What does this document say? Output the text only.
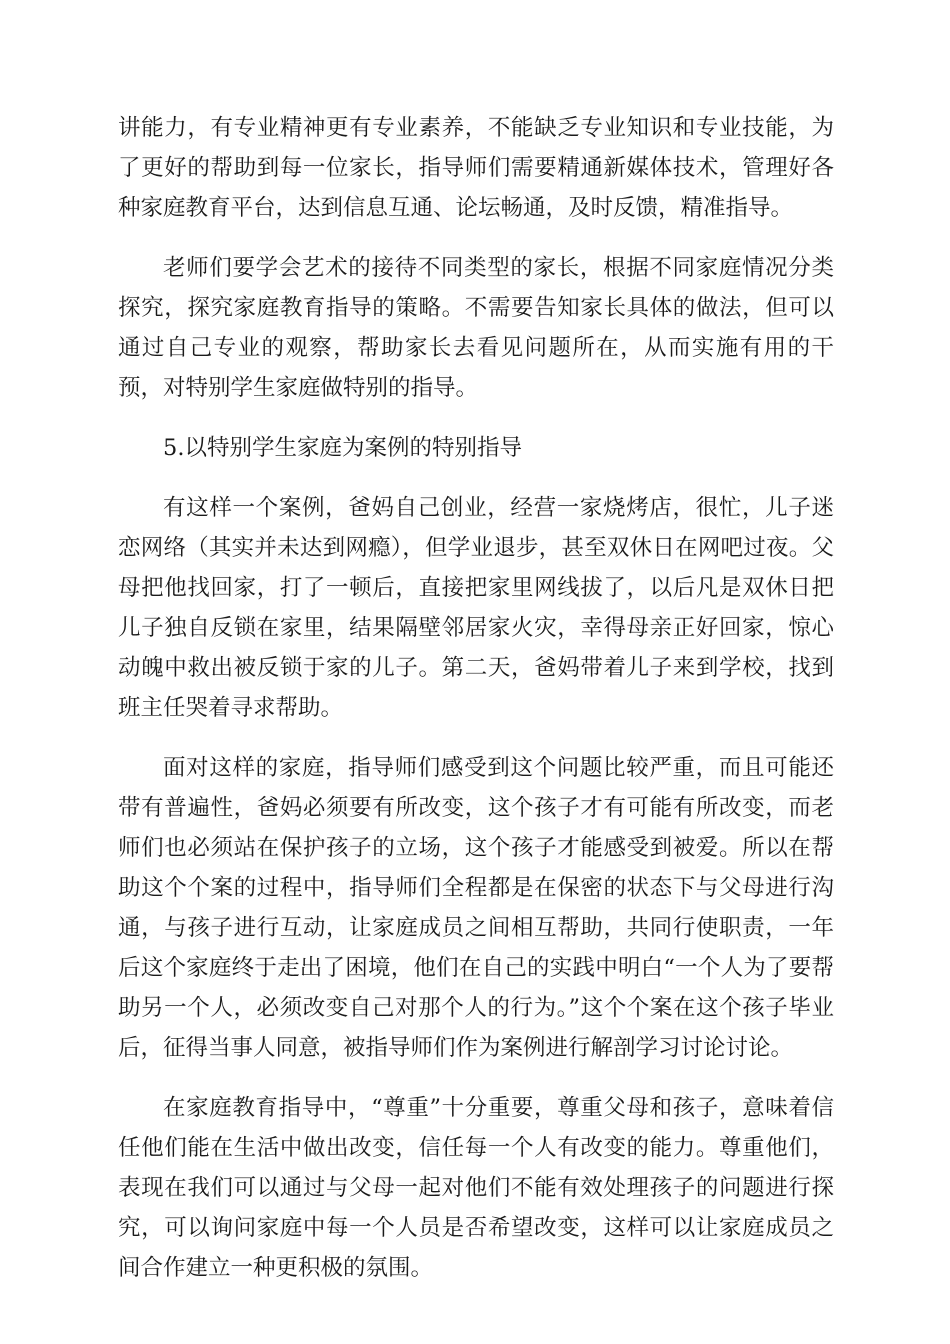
讲能力，有专业精神更有专业素养，不能缺乏专业知识和专业技能，为了更好的帮助到每一位家长，指导师们需要精通新媒体技术，管理好各种家庭教育平台，达到信息互通、论坛畅通，及时反馈，精准指导。

老师们要学会艺术的接待不同类型的家长，根据不同家庭情况分类探究，探究家庭教育指导的策略。不需要告知家长具体的做法，但可以通过自己专业的观察，帮助家长去看见问题所在，从而实施有用的干预，对特别学生家庭做特别的指导。

5.以特别学生家庭为案例的特别指导

有这样一个案例，爸妈自己创业，经营一家烧烤店，很忙，儿子迷恋网络（其实并未达到网瘾），但学业退步，甚至双休日在网吧过夜。父母把他找回家，打了一顿后，直接把家里网线拔了，以后凡是双休日把儿子独自反锁在家里，结果隔壁邻居家火灾，幸得母亲正好回家，惊心动魄中救出被反锁于家的儿子。第二天，爸妈带着儿子来到学校，找到班主任哭着寻求帮助。

面对这样的家庭，指导师们感受到这个问题比较严重，而且可能还带有普遍性，爸妈必须要有所改变，这个孩子才有可能有所改变，而老师们也必须站在保护孩子的立场，这个孩子才能感受到被爱。所以在帮助这个个案的过程中，指导师们全程都是在保密的状态下与父母进行沟通，与孩子进行互动，让家庭成员之间相互帮助，共同行使职责，一年后这个家庭终于走出了困境，他们在自己的实践中明白“一个人为了要帮助另一个人，必须改变自己对那个人的行为。”这个个案在这个孩子毕业后，征得当事人同意，被指导师们作为案例进行解剖学习讨论讨论。

在家庭教育指导中，“尊重”十分重要，尊重父母和孩子，意味着信任他们能在生活中做出改变，信任每一个人有改变的能力。尊重他们，表现在我们可以通过与父母一起对他们不能有效处理孩子的问题进行探究，可以询问家庭中每一个人员是否希望改变，这样可以让家庭成员之间合作建立一种更积极的氛围。
